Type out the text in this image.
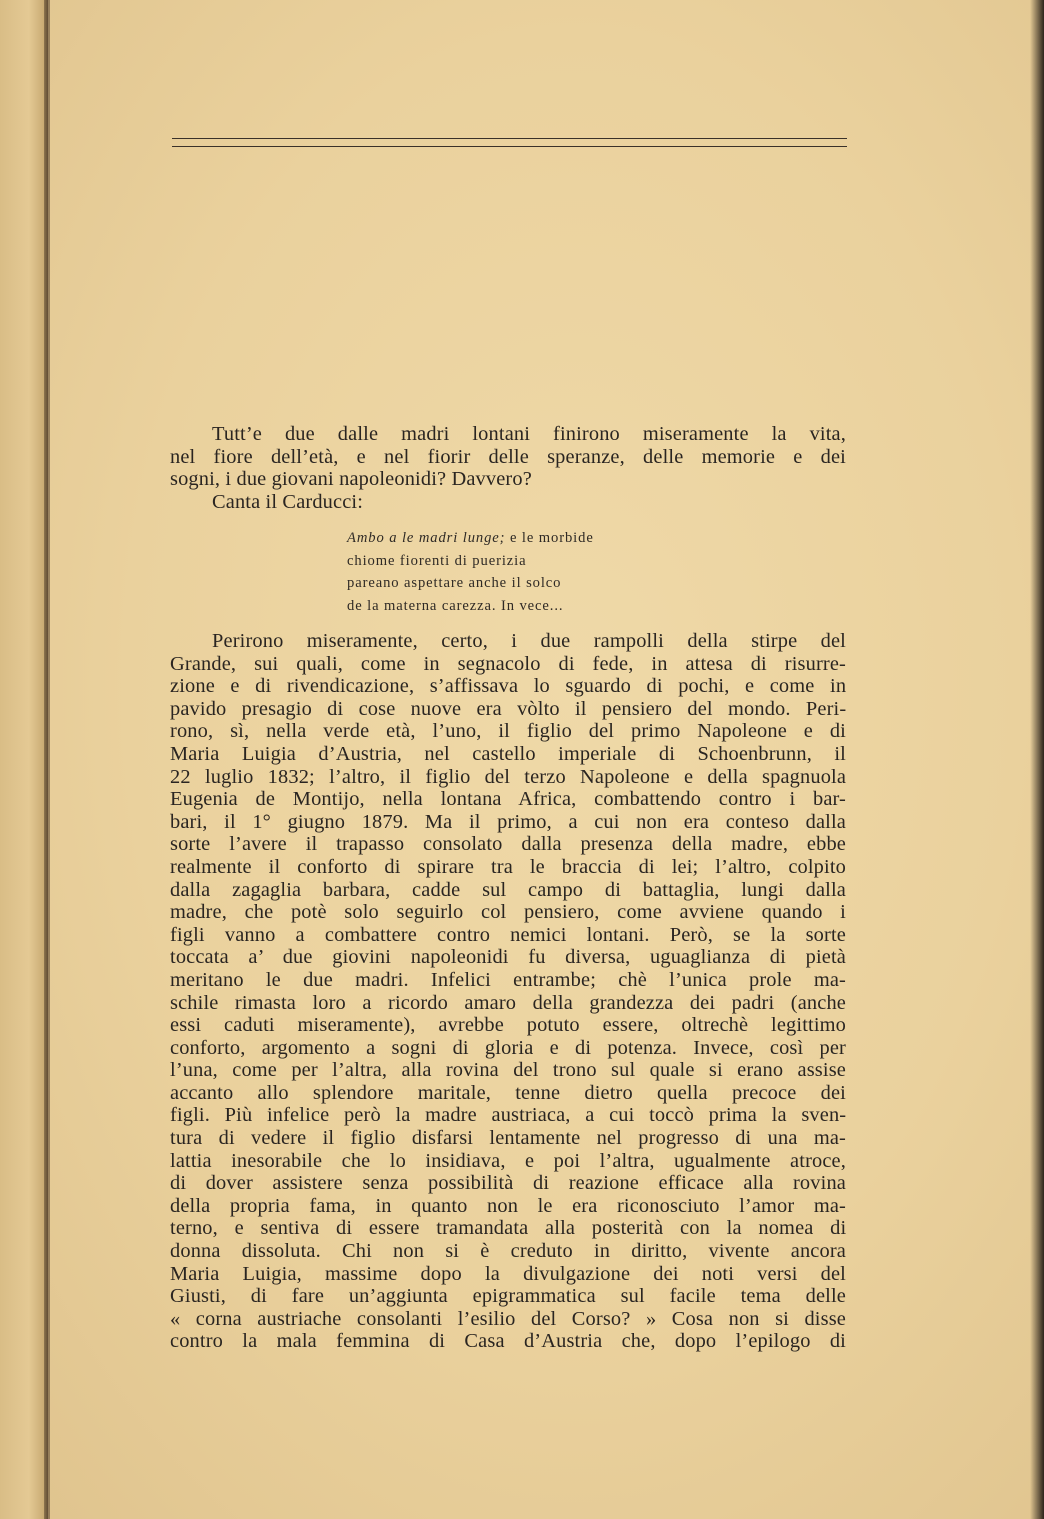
Tutt’e due dalle madri lontani finirono miseramente la vita,
nel fiore dell’età, e nel fiorir delle speranze, delle memorie e dei
sogni, i due giovani napoleonidi? Davvero?
Canta il Carducci:

Ambo a le madri lunge; e le morbide
chiome fiorenti di puerizia
pareano aspettare anche il solco
de la materna carezza. In vece...

Perirono miseramente, certo, i due rampolli della stirpe del
Grande, sui quali, come in segnacolo di fede, in attesa di risurre-
zione e di rivendicazione, s’affissava lo sguardo di pochi, e come in
pavido presagio di cose nuove era vòlto il pensiero del mondo. Peri-
rono, sì, nella verde età, l’uno, il figlio del primo Napoleone e di
Maria Luigia d’Austria, nel castello imperiale di Schoenbrunn, il
22 luglio 1832; l’altro, il figlio del terzo Napoleone e della spagnuola
Eugenia de Montijo, nella lontana Africa, combattendo contro i bar-
bari, il 1° giugno 1879. Ma il primo, a cui non era conteso dalla
sorte l’avere il trapasso consolato dalla presenza della madre, ebbe
realmente il conforto di spirare tra le braccia di lei; l’altro, colpito
dalla zagaglia barbara, cadde sul campo di battaglia, lungi dalla
madre, che potè solo seguirlo col pensiero, come avviene quando i
figli vanno a combattere contro nemici lontani. Però, se la sorte
toccata a’ due giovini napoleonidi fu diversa, uguaglianza di pietà
meritano le due madri. Infelici entrambe; chè l’unica prole ma-
schile rimasta loro a ricordo amaro della grandezza dei padri (anche
essi caduti miseramente), avrebbe potuto essere, oltrechè legittimo
conforto, argomento a sogni di gloria e di potenza. Invece, così per
l’una, come per l’altra, alla rovina del trono sul quale si erano assise
accanto allo splendore maritale, tenne dietro quella precoce dei
figli. Più infelice però la madre austriaca, a cui toccò prima la sven-
tura di vedere il figlio disfarsi lentamente nel progresso di una ma-
lattia inesorabile che lo insidiava, e poi l’altra, ugualmente atroce,
di dover assistere senza possibilità di reazione efficace alla rovina
della propria fama, in quanto non le era riconosciuto l’amor ma-
terno, e sentiva di essere tramandata alla posterità con la nomea di
donna dissoluta. Chi non si è creduto in diritto, vivente ancora
Maria Luigia, massime dopo la divulgazione dei noti versi del
Giusti, di fare un’aggiunta epigrammatica sul facile tema delle
« corna austriache consolanti l’esilio del Corso? » Cosa non si disse
contro la mala femmina di Casa d’Austria che, dopo l’epilogo di
